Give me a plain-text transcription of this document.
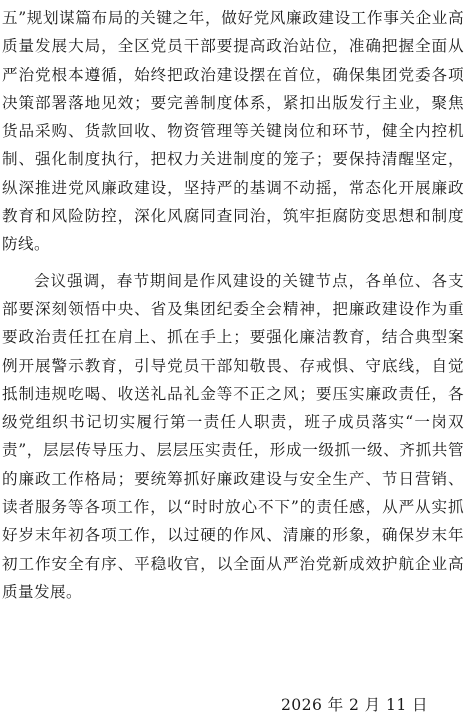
五”规划谋篇布局的关键之年，做好党风廉政建设工作事关企业高质量发展大局，全区党员干部要提高政治站位，准确把握全面从严治党根本遵循，始终把政治建设摆在首位，确保集团党委各项决策部署落地见效；要完善制度体系，紧扣出版发行主业，聚焦货品采购、货款回收、物资管理等关键岗位和环节，健全内控机制、强化制度执行，把权力关进制度的笼子；要保持清醒坚定，纵深推进党风廉政建设，坚持严的基调不动摇，常态化开展廉政教育和风险防控，深化风腐同查同治，筑牢拒腐防变思想和制度防线。

会议强调，春节期间是作风建设的关键节点，各单位、各支部要深刻领悟中央、省及集团纪委全会精神，把廉政建设作为重要政治责任扛在肩上、抓在手上；要强化廉洁教育，结合典型案例开展警示教育，引导党员干部知敬畏、存戒惧、守底线，自觉抵制违规吃喝、收送礼品礼金等不正之风；要压实廉政责任，各级党组织书记切实履行第一责任人职责，班子成员落实“一岗双责”，层层传导压力、层层压实责任，形成一级抓一级、齐抓共管的廉政工作格局；要统筹抓好廉政建设与安全生产、节日营销、读者服务等各项工作，以“时时放心不下”的责任感，从严从实抓好岁末年初各项工作，以过硬的作风、清廉的形象，确保岁末年初工作安全有序、平稳收官，以全面从严治党新成效护航企业高质量发展。

2026 年 2 月 11 日
